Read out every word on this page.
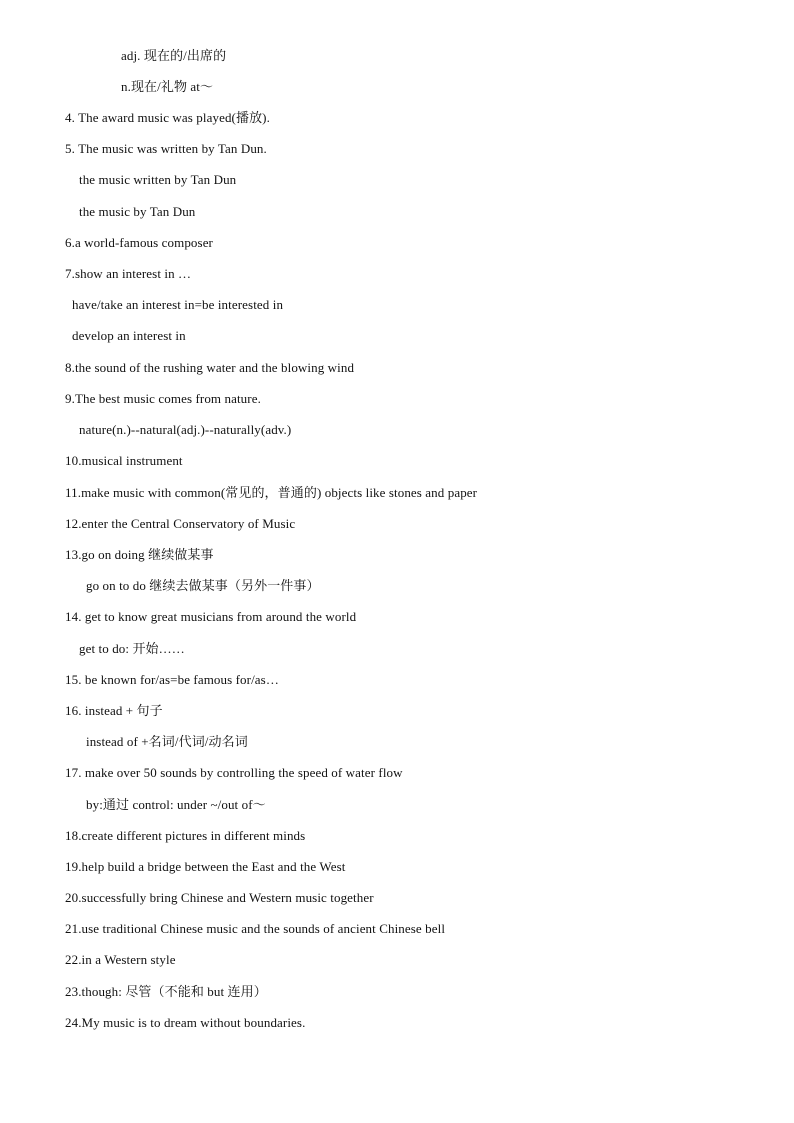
adj. 现在的/出席的
n.现在/礼物 at～
4. The award music was played(播放).
5. The music was written by Tan Dun.
the music written by Tan Dun
the music by Tan Dun
6.a world-famous composer
7.show an interest in …
have/take an interest in=be interested in
develop an interest in
8.the sound of the rushing water and the blowing wind
9.The best music comes from nature.
nature(n.)--natural(adj.)--naturally(adv.)
10.musical instrument
11.make music with common(常见的，普通的) objects like stones and paper
12.enter the Central Conservatory of Music
13.go on doing 继续做某事
go on to do 继续去做某事（另外一件事）
14. get to know great musicians from around the world
get to do: 开始……
15. be known for/as=be famous for/as…
16. instead + 句子
instead of +名词/代词/动名词
17. make over 50 sounds by controlling the speed of water flow
by:通过 control: under ~/out of～
18.create different pictures in different minds
19.help build a bridge between the East and the West
20.successfully bring Chinese and Western music together
21.use traditional Chinese music and the sounds of ancient Chinese bell
22.in a Western style
23.though: 尽管（不能和 but 连用）
24.My music is to dream without boundaries.
